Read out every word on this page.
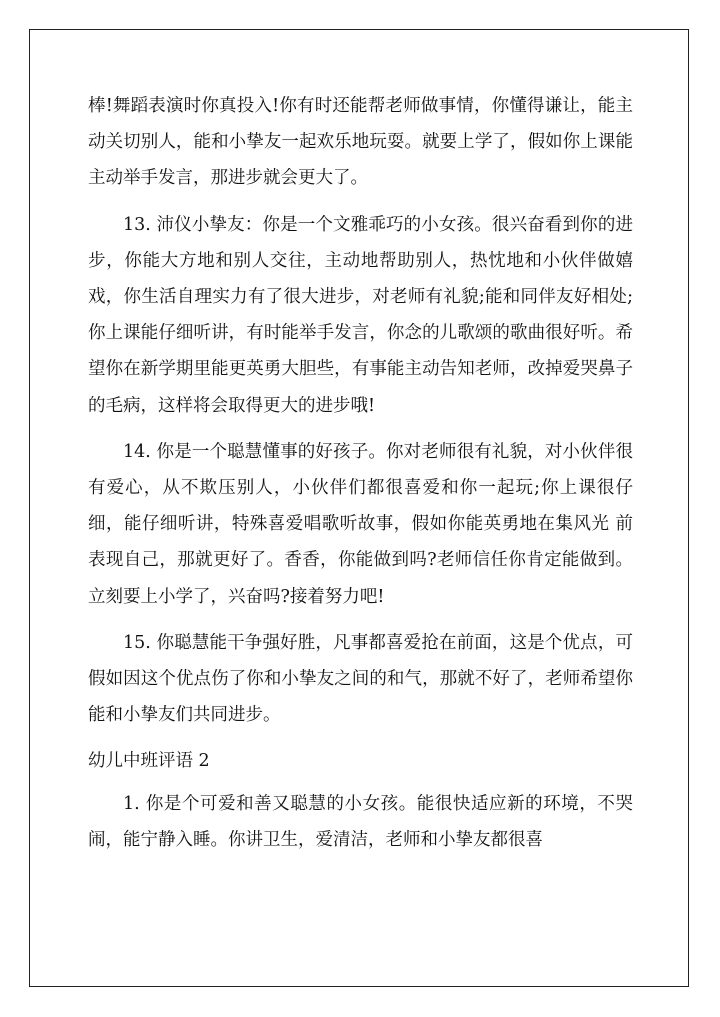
棒!舞蹈表演时你真投入!你有时还能帮老师做事情，你懂得谦让，能主动关切别人，能和小挚友一起欢乐地玩耍。就要上学了，假如你上课能主动举手发言，那进步就会更大了。

13. 沛仪小挚友：你是一个文雅乖巧的小女孩。很兴奋看到你的进步，你能大方地和别人交往，主动地帮助别人，热忱地和小伙伴做嬉戏，你生活自理实力有了很大进步，对老师有礼貌;能和同伴友好相处;你上课能仔细听讲，有时能举手发言，你念的儿歌颂的歌曲很好听。希望你在新学期里能更英勇大胆些，有事能主动告知老师，改掉爱哭鼻子的毛病，这样将会取得更大的进步哦!

14. 你是一个聪慧懂事的好孩子。你对老师很有礼貌，对小伙伴很有爱心，从不欺压别人，小伙伴们都很喜爱和你一起玩;你上课很仔细，能仔细听讲，特殊喜爱唱歌听故事，假如你能英勇地在集风光 前表现自己，那就更好了。香香，你能做到吗?老师信任你肯定能做到。立刻要上小学了，兴奋吗?接着努力吧!

15. 你聪慧能干争强好胜，凡事都喜爱抢在前面，这是个优点，可假如因这个优点伤了你和小挚友之间的和气，那就不好了，老师希望你能和小挚友们共同进步。

幼儿中班评语 2

1. 你是个可爱和善又聪慧的小女孩。能很快适应新的环境，不哭闹，能宁静入睡。你讲卫生，爱清洁，老师和小挚友都很喜
